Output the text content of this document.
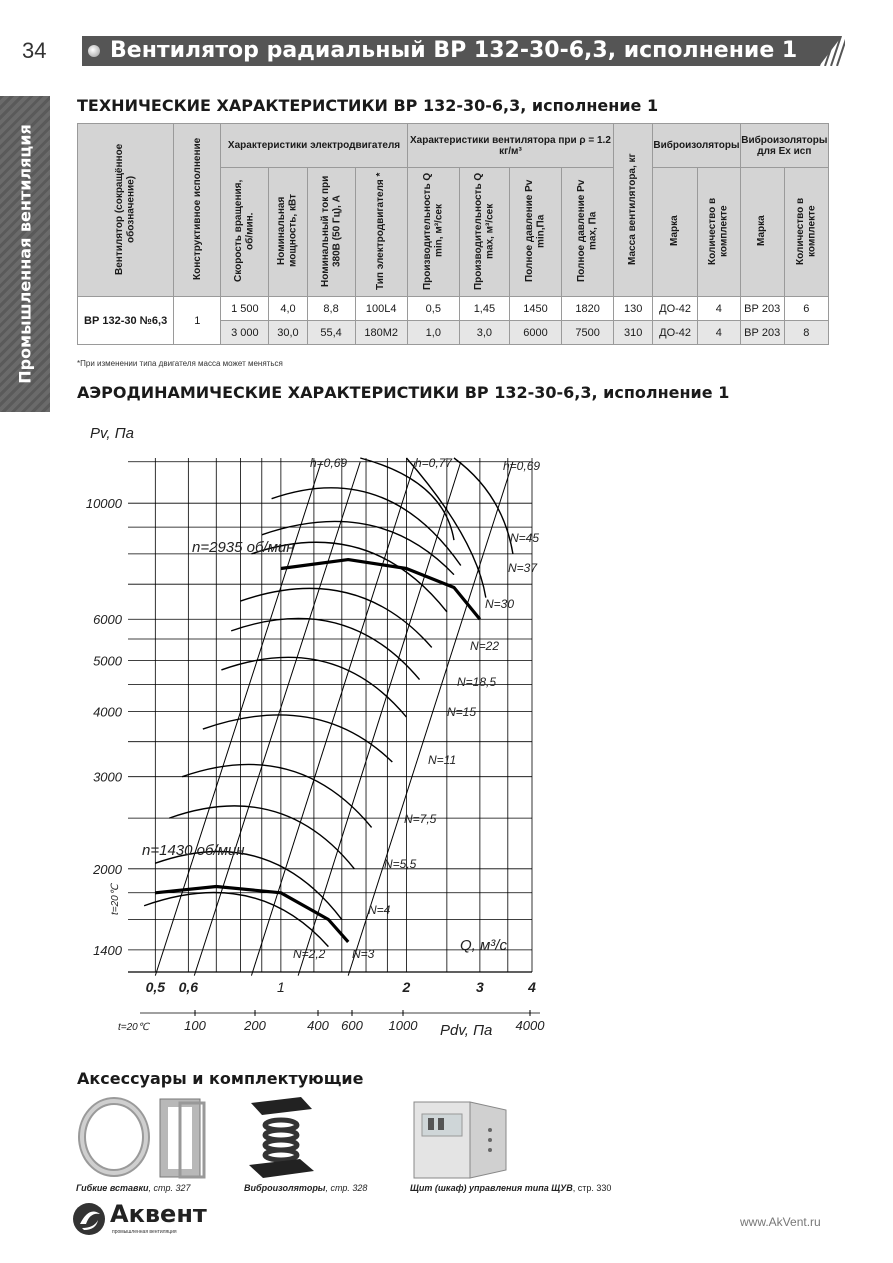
34	Вентилятор радиальный ВР 132-30-6,3, исполнение 1
Промышленная вентиляция
ТЕХНИЧЕСКИЕ ХАРАКТЕРИСТИКИ ВР 132-30-6,3, исполнение 1
Вентилятор (сокращённое обозначение)	Конструктивное исполнение	Характеристики электродвигателя				Характеристики вентилятора при ρ = 1.2 кг/м³				Масса вентилятора, кг	Виброизоляторы		Виброизоляторы для Ex исп	
		Скорость вращения, об/мин.	Номинальная мощность, кВт	Номинальный ток при 380В (50 Гц), А	Тип электродвигателя *	Производительность Q min, м³/сек	Производительность Q max, м³/сек	Полное давление Pv min,Па	Полное давление Pv max, Па		Марка	Количество в комплекте	Марка	Количество в комплекте
ВР 132-30 №6,3	1	1 500	4,0	8,8	100L4	0,5	1,45	1450	1820	130	ДО-42	4	ВР 203	6
		3 000	30,0	55,4	180M2	1,0	3,0	6000	7500	310	ДО-42	4	ВР 203	8
*При изменении типа двигателя масса может меняться
АЭРОДИНАМИЧЕСКИЕ ХАРАКТЕРИСТИКИ ВР 132-30-6,3, исполнение 1
10000
6000
5000
4000
3000
2000
1400
0,5 0,6	1	2	3	4
100	200	400 600 1000	4000
n=2935 об/мин
n=1430 об/мин
h=0,69	h=0,77	h=0,69
N=45
N=37
N=30
N=22
N=18,5
N=15
N=11
N=7,5
N=5,5
N=4
N=3
N=2,2
Pv, Па
Q, м³/с
Pdv, Па
t=20℃
t=20℃
Аксессуары и комплектующие
Гибкие вставки, стр. 327	Виброизоляторы, стр. 328	Щит (шкаф) управления типа ЩУВ, стр. 330
Аквент
промышленная вентиляция
www.AkVent.ru
